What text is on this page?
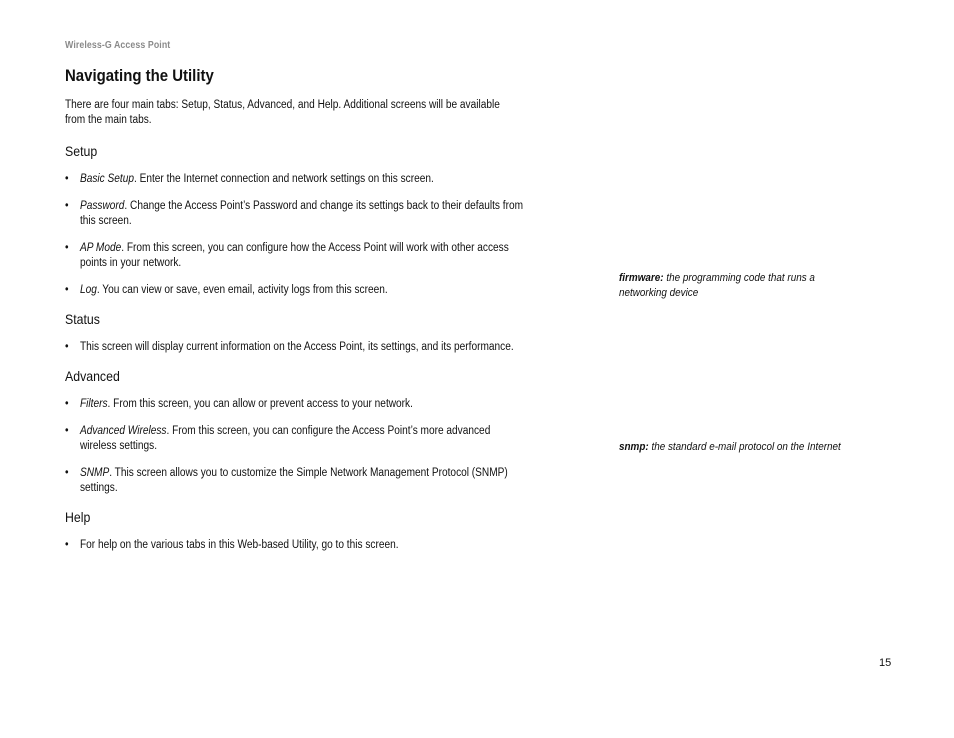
Wireless-G Access Point
Navigating the Utility

There are four main tabs: Setup, Status, Advanced, and Help. Additional screens will be available from the main tabs.

Setup
• Basic Setup. Enter the Internet connection and network settings on this screen.
• Password. Change the Access Point’s Password and change its settings back to their defaults from this screen.
• AP Mode. From this screen, you can configure how the Access Point will work with other access points in your network.
• Log. You can view or save, even email, activity logs from this screen.
Status
• This screen will display current information on the Access Point, its settings, and its performance.
Advanced
• Filters. From this screen, you can allow or prevent access to your network.
• Advanced Wireless. From this screen, you can configure the Access Point’s more advanced wireless settings.
• SNMP. This screen allows you to customize the Simple Network Management Protocol (SNMP) settings.
Help
• For help on the various tabs in this Web-based Utility, go to this screen.
firmware: the programming code that runs a networking device
snmp: the standard e-mail protocol on the Internet
15
